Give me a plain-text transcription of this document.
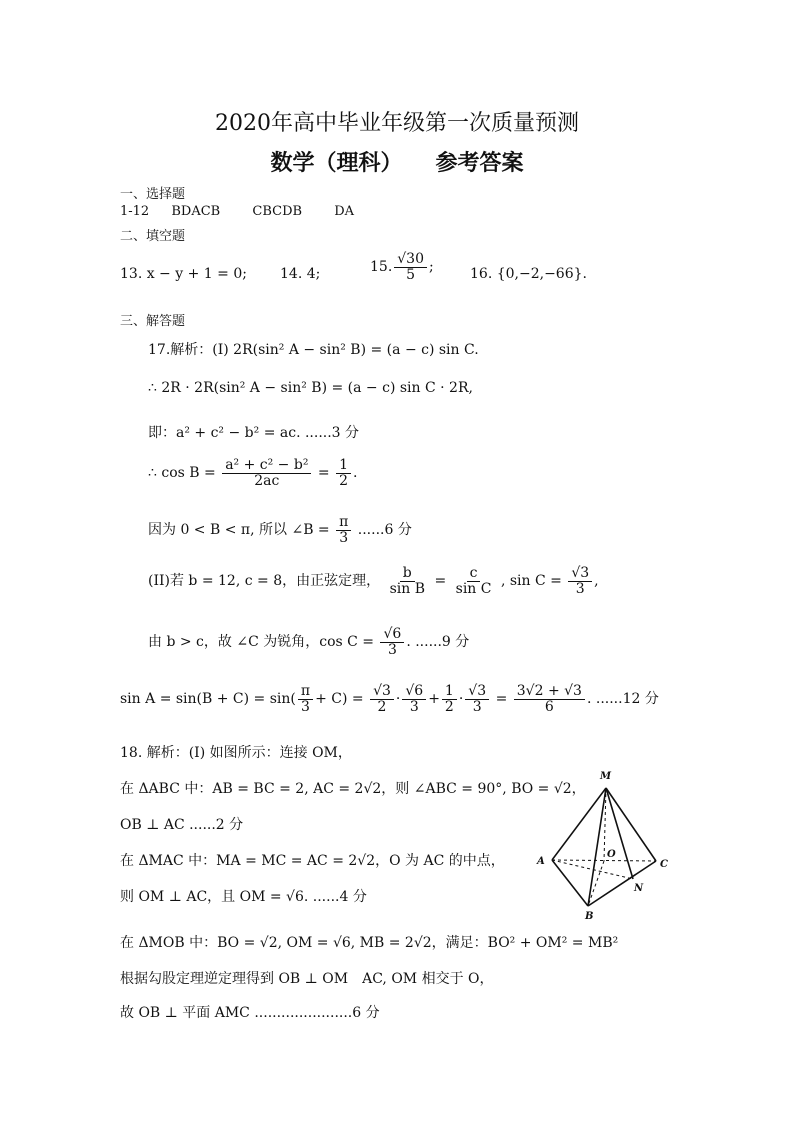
2020年高中毕业年级第一次质量预测
数学（理科）　　参考答案
一、选择题
1-12 BDACB CBCDB DA
二、填空题
13. x − y + 1 = 0; 14. 4;	15. $\frac{√30}{5}$ ;	16. {0,−2,−66}.
三、解答题
17.解析：(I) 2R(sin² A − sin² B) = (a − c) sin C.
∴ 2R · 2R(sin² A − sin² B) = (a − c) sin C · 2R,
即：a² + c² − b² = ac. ......3 分
∴ $\cos B = \frac{\text{a² + c² − b²}}{2ac} = \frac{1}{2}$ .
因为 0 < B < π, 所以 ∠B = $\frac{\pi}{3} ......6$ 分
(II)若 b = 12, c = 8，由正弦定理， $\frac{b}{\text{sin B}} = \frac{c}{\text{sin C}}$ , $\sin C = \frac{√3}{3}$ ,
由 b > c，故 ∠C 为锐角，$\cos C = \frac{√6}{3}$ . ......9 分
$\sin A = \sin(B + C) = \sin( \frac{\pi}{3} + C) = \frac{√3}{2} \cdot \frac{√6}{3} + \frac{1}{2} \cdot \frac{√3}{3} = \frac{3√2 + √3}{6}$ . ......12 分
18. 解析：(I) 如图所示：连接 OM，
在 ΔABC 中：AB = BC = 2, AC = 2√2，则 ∠ABC = 90°, BO = √2，
OB ⊥ AC ......2 分
在 ΔMAC 中：MA = MC = AC = 2√2，O 为 AC 的中点，
则 OM ⊥ AC，且 OM = √6. ......4 分
在 ΔMOB 中：BO = √2, OM = √6, MB = 2√2，满足：BO² + OM² = MB²
根据勾股定理逆定理得到 OB ⊥ OM　AC, OM 相交于 O，
故 OB ⊥ 平面 AMC ......................6 分
M
A
O
C
N
B
